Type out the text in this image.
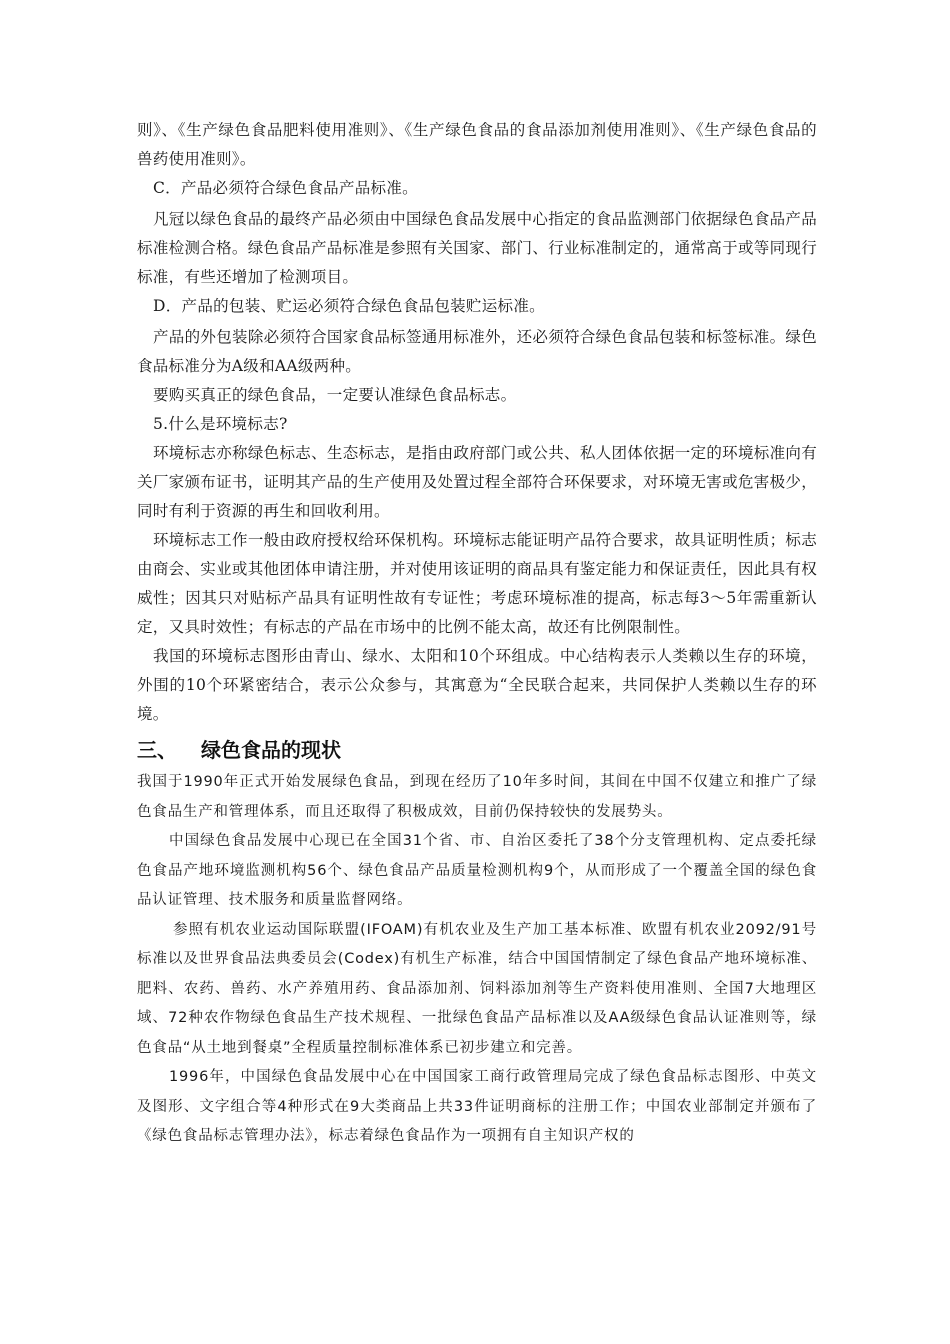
则》、《生产绿色食品肥料使用准则》、《生产绿色食品的食品添加剂使用准则》、《生产绿色食品的兽药使用准则》。

C．产品必须符合绿色食品产品标准。

凡冠以绿色食品的最终产品必须由中国绿色食品发展中心指定的食品监测部门依据绿色食品产品标准检测合格。绿色食品产品标准是参照有关国家、部门、行业标准制定的，通常高于或等同现行标准，有些还增加了检测项目。

D．产品的包装、贮运必须符合绿色食品包装贮运标准。

产品的外包装除必须符合国家食品标签通用标准外，还必须符合绿色食品包装和标签标准。绿色食品标准分为A级和AA级两种。

要购买真正的绿色食品，一定要认准绿色食品标志。

5.什么是环境标志?

环境标志亦称绿色标志、生态标志，是指由政府部门或公共、私人团体依据一定的环境标准向有关厂家颁布证书，证明其产品的生产使用及处置过程全部符合环保要求，对环境无害或危害极少，同时有利于资源的再生和回收利用。

环境标志工作一般由政府授权给环保机构。环境标志能证明产品符合要求，故具证明性质；标志由商会、实业或其他团体申请注册，并对使用该证明的商品具有鉴定能力和保证责任，因此具有权威性；因其只对贴标产品具有证明性故有专证性；考虑环境标准的提高，标志每3～5年需重新认定，又具时效性；有标志的产品在市场中的比例不能太高，故还有比例限制性。

我国的环境标志图形由青山、绿水、太阳和10个环组成。中心结构表示人类赖以生存的环境，外围的10个环紧密结合，表示公众参与，其寓意为“全民联合起来，共同保护人类赖以生存的环境。

三、 绿色食品的现状

我国于1990年正式开始发展绿色食品，到现在经历了10年多时间，其间在中国不仅建立和推广了绿色食品生产和管理体系，而且还取得了积极成效，目前仍保持较快的发展势头。

中国绿色食品发展中心现已在全国31个省、市、自治区委托了38个分支管理机构、定点委托绿色食品产地环境监测机构56个、绿色食品产品质量检测机构9个，从而形成了一个覆盖全国的绿色食品认证管理、技术服务和质量监督网络。

参照有机农业运动国际联盟(IFOAM)有机农业及生产加工基本标准、欧盟有机农业2092/91号标准以及世界食品法典委员会(Codex)有机生产标准，结合中国国情制定了绿色食品产地环境标准、肥料、农药、兽药、水产养殖用药、食品添加剂、饲料添加剂等生产资料使用准则、全国7大地理区域、72种农作物绿色食品生产技术规程、一批绿色食品产品标准以及AA级绿色食品认证准则等，绿色食品“从土地到餐桌”全程质量控制标准体系已初步建立和完善。

1996年，中国绿色食品发展中心在中国国家工商行政管理局完成了绿色食品标志图形、中英文及图形、文字组合等4种形式在9大类商品上共33件证明商标的注册工作；中国农业部制定并颁布了《绿色食品标志管理办法》，标志着绿色食品作为一项拥有自主知识产权的
